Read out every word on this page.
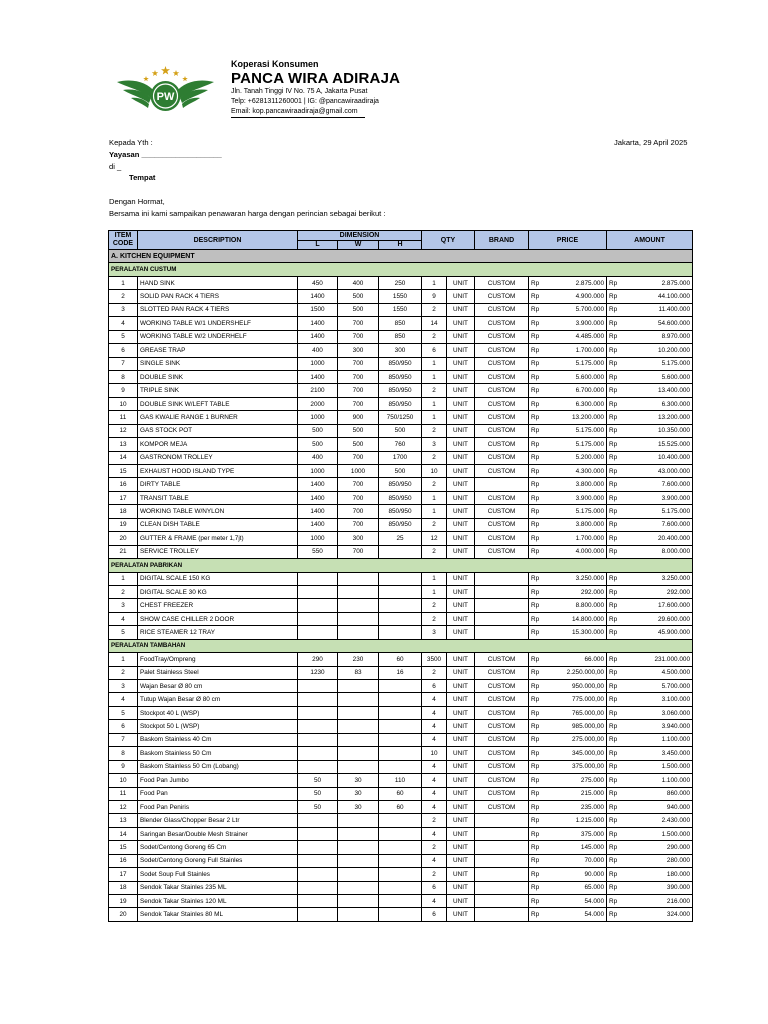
PW
Koperasi Konsumen
PANCA WIRA ADIRAJA
Jln. Tanah Tinggi IV No. 75 A, Jakarta Pusat
Telp: +6281311260001 | IG: @pancawiraadiraja
Email: kop.pancawiraadiraja@gmail.com
Kepada Yth :
Yayasan ___________________
di _
Tempat
Jakarta, 29 April 2025
Dengan Hormat,
Bersama ini kami sampaikan penawaran harga dengan perincian sebagai berikut :
ITEM CODE	DESCRIPTION	DIMENSION			QTY		BRAND	PRICE		AMOUNT	
		L	W	H							
A. KITCHEN EQUIPMENT											
PERALATAN CUSTUM											
1	HAND SINK	450	400	250	1	UNIT	CUSTOM	Rp	2.875.000	Rp	2.875.000
2	SOLID PAN RACK 4 TIERS	1400	500	1550	9	UNIT	CUSTOM	Rp	4.900.000	Rp	44.100.000
3	SLOTTED PAN RACK 4 TIERS	1500	500	1550	2	UNIT	CUSTOM	Rp	5.700.000	Rp	11.400.000
4	WORKING TABLE W/1 UNDERSHELF	1400	700	850	14	UNIT	CUSTOM	Rp	3.900.000	Rp	54.600.000
5	WORKING TABLE W/2 UNDERHELF	1400	700	850	2	UNIT	CUSTOM	Rp	4.485.000	Rp	8.970.000
6	GREASE TRAP	400	300	300	6	UNIT	CUSTOM	Rp	1.700.000	Rp	10.200.000
7	SINGLE SINK	1000	700	850/950	1	UNIT	CUSTOM	Rp	5.175.000	Rp	5.175.000
8	DOUBLE SINK	1400	700	850/950	1	UNIT	CUSTOM	Rp	5.600.000	Rp	5.600.000
9	TRIPLE SINK	2100	700	850/950	2	UNIT	CUSTOM	Rp	6.700.000	Rp	13.400.000
10	DOUBLE SINK W/LEFT TABLE	2000	700	850/950	1	UNIT	CUSTOM	Rp	6.300.000	Rp	6.300.000
11	GAS KWALIE RANGE 1 BURNER	1000	900	750/1250	1	UNIT	CUSTOM	Rp	13.200.000	Rp	13.200.000
12	GAS STOCK POT	500	500	500	2	UNIT	CUSTOM	Rp	5.175.000	Rp	10.350.000
13	KOMPOR MEJA	500	500	760	3	UNIT	CUSTOM	Rp	5.175.000	Rp	15.525.000
14	GASTRONOM TROLLEY	400	700	1700	2	UNIT	CUSTOM	Rp	5.200.000	Rp	10.400.000
15	EXHAUST HOOD ISLAND TYPE	1000	1000	500	10	UNIT	CUSTOM	Rp	4.300.000	Rp	43.000.000
16	DIRTY TABLE	1400	700	850/950	2	UNIT		Rp	3.800.000	Rp	7.600.000
17	TRANSIT TABLE	1400	700	850/950	1	UNIT	CUSTOM	Rp	3.900.000	Rp	3.900.000
18	WORKING TABLE W/NYLON	1400	700	850/950	1	UNIT	CUSTOM	Rp	5.175.000	Rp	5.175.000
19	CLEAN DISH TABLE	1400	700	850/950	2	UNIT	CUSTOM	Rp	3.800.000	Rp	7.600.000
20	GUTTER & FRAME (per meter 1,7jt)	1000	300	25	12	UNIT	CUSTOM	Rp	1.700.000	Rp	20.400.000
21	SERVICE TROLLEY	550	700		2	UNIT	CUSTOM	Rp	4.000.000	Rp	8.000.000
PERALATAN PABRIKAN											
1	DIGITAL SCALE 150 KG				1	UNIT		Rp	3.250.000	Rp	3.250.000
2	DIGITAL SCALE 30 KG				1	UNIT		Rp	292.000	Rp	292.000
3	CHEST FREEZER				2	UNIT		Rp	8.800.000	Rp	17.600.000
4	SHOW CASE CHILLER 2 DOOR				2	UNIT		Rp	14.800.000	Rp	29.600.000
5	RICE STEAMER 12 TRAY				3	UNIT		Rp	15.300.000	Rp	45.900.000
PERALATAN TAMBAHAN											
1	FoodTray/Ompreng	290	230	60	3500	UNIT	CUSTOM	Rp	66.000	Rp	231.000.000
2	Palet Stainless Steel	1230	83	16	2	UNIT	CUSTOM	Rp	2.250.000,00	Rp	4.500.000
3	Wajan Besar Ø 80 cm				6	UNIT	CUSTOM	Rp	950.000,00	Rp	5.700.000
4	Tutup Wajan Besar Ø 80 cm				4	UNIT	CUSTOM	Rp	775.000,00	Rp	3.100.000
5	Stockpot 40 L (WSP)				4	UNIT	CUSTOM	Rp	765.000,00	Rp	3.060.000
6	Stockpot 50 L (WSP)				4	UNIT	CUSTOM	Rp	985.000,00	Rp	3.940.000
7	Baskom Stainless 40 Cm				4	UNIT	CUSTOM	Rp	275.000,00	Rp	1.100.000
8	Baskom Stainless 50 Cm				10	UNIT	CUSTOM	Rp	345.000,00	Rp	3.450.000
9	Baskom Stainless 50 Cm (Lobang)				4	UNIT	CUSTOM	Rp	375.000,00	Rp	1.500.000
10	Food Pan Jumbo	50	30	110	4	UNIT	CUSTOM	Rp	275.000	Rp	1.100.000
11	Food Pan	50	30	60	4	UNIT	CUSTOM	Rp	215.000	Rp	860.000
12	Food Pan Peniris	50	30	60	4	UNIT	CUSTOM	Rp	235.000	Rp	940.000
13	Blender Glass/Chopper Besar 2 Ltr				2	UNIT		Rp	1.215.000	Rp	2.430.000
14	Saringan Besar/Double Mesh Strainer				4	UNIT		Rp	375.000	Rp	1.500.000
15	Sodet/Centong Goreng 65 Cm				2	UNIT		Rp	145.000	Rp	290.000
16	Sodet/Centong Goreng Full Stainles				4	UNIT		Rp	70.000	Rp	280.000
17	Sodet Soup Full Stainles				2	UNIT		Rp	90.000	Rp	180.000
18	Sendok Takar Stainles 235 ML				6	UNIT		Rp	65.000	Rp	390.000
19	Sendok Takar Stainles 120 ML				4	UNIT		Rp	54.000	Rp	216.000
20	Sendok Takar Stainles 80 ML				6	UNIT		Rp	54.000	Rp	324.000
